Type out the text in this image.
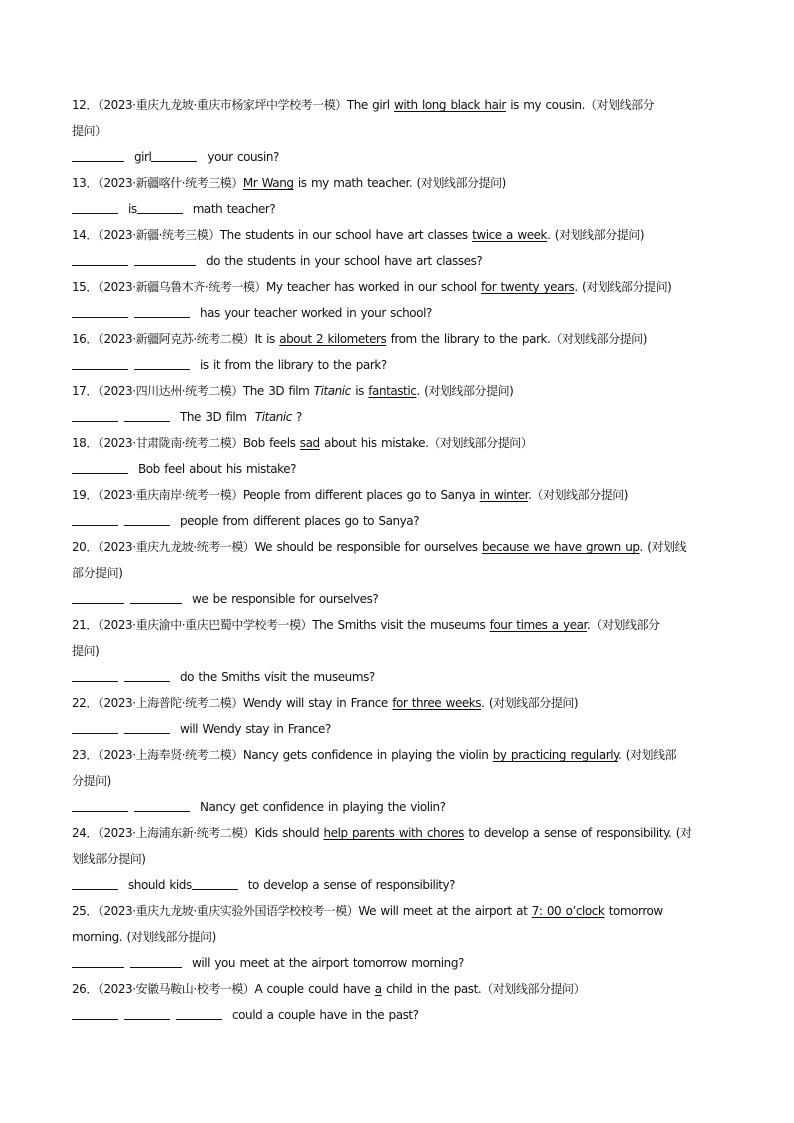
12．（2023·重庆九龙坡·重庆市杨家坪中学校考一模）The girl with long black hair is my cousin.（对划线部分
提问）
girl	your cousin?
13．（2023·新疆喀什·统考三模）Mr Wang is my math teacher. (对划线部分提问)
is	math teacher?
14．（2023·新疆·统考三模）The students in our school have art classes twice a week. (对划线部分提问)
do the students in your school have art classes?
15．（2023·新疆乌鲁木齐·统考一模）My teacher has worked in our school for twenty years. (对划线部分提问)
has your teacher worked in your school?
16．（2023·新疆阿克苏·统考二模）It is about 2 kilometers from the library to the park.（对划线部分提问)
is it from the library to the park?
17．（2023·四川达州·统考二模）The 3D film Titanic is fantastic. (对划线部分提问)
The 3D film Titanic ?
18．（2023·甘肃陇南·统考二模）Bob feels sad about his mistake.（对划线部分提问）
Bob feel about his mistake?
19．（2023·重庆南岸·统考一模）People from different places go to Sanya in winter.（对划线部分提问)
people from different places go to Sanya?
20．（2023·重庆九龙坡·统考一模）We should be responsible for ourselves because we have grown up. (对划线
部分提问)
we be responsible for ourselves?
21．（2023·重庆渝中·重庆巴蜀中学校考一模）The Smiths visit the museums four times a year.（对划线部分
提问)
do the Smiths visit the museums?
22．（2023·上海普陀·统考二模）Wendy will stay in France for three weeks. (对划线部分提问)
will Wendy stay in France?
23．（2023·上海奉贤·统考二模）Nancy gets confidence in playing the violin by practicing regularly. (对划线部
分提问)
Nancy get confidence in playing the violin?
24．（2023·上海浦东新·统考二模）Kids should help parents with chores to develop a sense of responsibility. (对
划线部分提问)
should kids	to develop a sense of responsibility?
25．（2023·重庆九龙坡·重庆实验外国语学校校考一模）We will meet at the airport at 7: 00 o’clock tomorrow
morning. (对划线部分提问)
will you meet at the airport tomorrow morning?
26．（2023·安徽马鞍山·校考一模）A couple could have a child in the past.（对划线部分提问）
could a couple have in the past?
